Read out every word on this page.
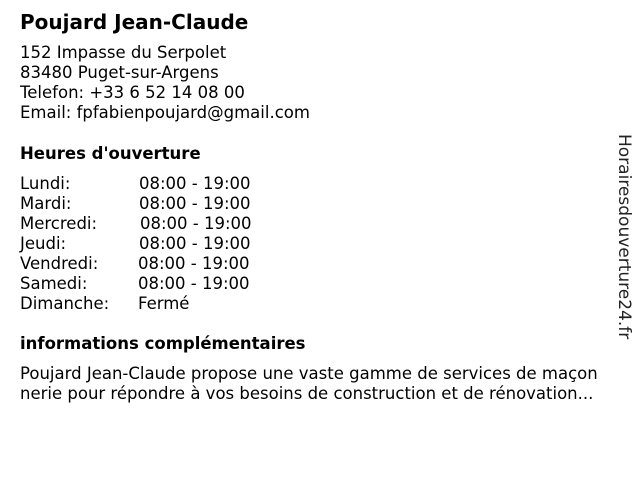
Poujard Jean-Claude
152 Impasse du Serpolet
83480 Puget-sur-Argens
Telefon: +33 6 52 14 08 00
Email: fpfabienpoujard@gmail.com
Heures d'ouverture
Lundi:	08:00 - 19:00
Mardi:	08:00 - 19:00
Mercredi:	08:00 - 19:00
Jeudi:	08:00 - 19:00
Vendredi: 08:00 - 19:00
Samedi:	08:00 - 19:00
Dimanche: Fermé
informations complémentaires
Poujard Jean-Claude propose une vaste gamme de services de maçon
nerie pour répondre à vos besoins de construction et de rénovation...
Horairesdouverture24.fr
